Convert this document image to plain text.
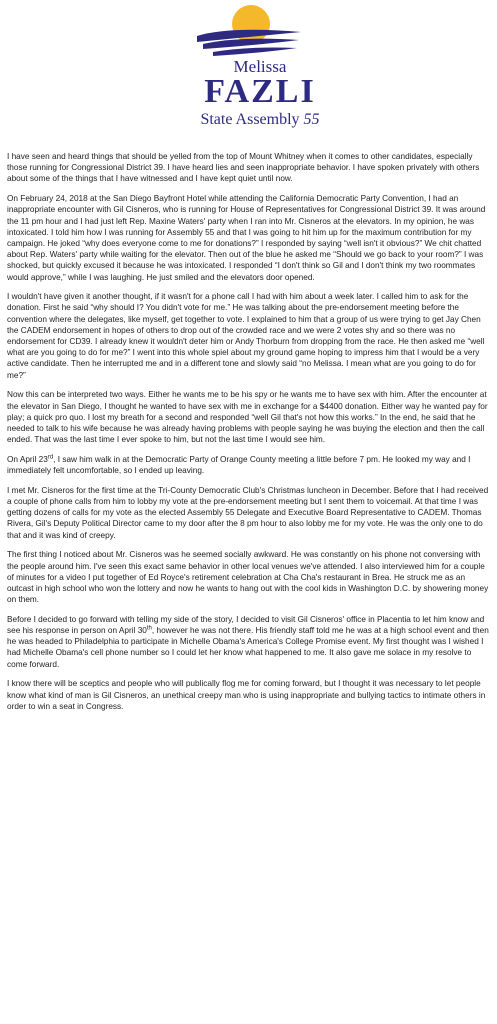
Melissa
FAZLI
State Assembly 55

I have seen and heard things that should be yelled from the top of Mount Whitney when it comes to other candidates, especially those running for Congressional District 39. I have heard lies and seen inappropriate behavior. I have spoken privately with others about some of the things that I have witnessed and I have kept quiet until now.

On February 24, 2018 at the San Diego Bayfront Hotel while attending the California Democratic Party Convention, I had an inappropriate encounter with Gil Cisneros, who is running for House of Representatives for Congressional District 39. It was around the 11 pm hour and I had just left Rep. Maxine Waters' party when I ran into Mr. Cisneros at the elevators. In my opinion, he was intoxicated. I told him how I was running for Assembly 55 and that I was going to hit him up for the maximum contribution for my campaign. He joked “why does everyone come to me for donations?” I responded by saying “well isn't it obvious?” We chit chatted about Rep. Waters' party while waiting for the elevator. Then out of the blue he asked me “Should we go back to your room?” I was shocked, but quickly excused it because he was intoxicated. I responded “I don't think so Gil and I don't think my two roommates would approve,” while I was laughing. He just smiled and the elevators door opened.

I wouldn't have given it another thought, if it wasn't for a phone call I had with him about a week later. I called him to ask for the donation. First he said “why should I? You didn't vote for me.” He was talking about the pre-endorsement meeting before the convention where the delegates, like myself, get together to vote. I explained to him that a group of us were trying to get Jay Chen the CADEM endorsement in hopes of others to drop out of the crowded race and we were 2 votes shy and so there was no endorsement for CD39. I already knew it wouldn't deter him or Andy Thorburn from dropping from the race. He then asked me “well what are you going to do for me?” I went into this whole spiel about my ground game hoping to impress him that I would be a very active candidate. Then he interrupted me and in a different tone and slowly said “no Melissa. I mean what are you going to do for me?”

Now this can be interpreted two ways. Either he wants me to be his spy or he wants me to have sex with him. After the encounter at the elevator in San Diego, I thought he wanted to have sex with me in exchange for a $4400 donation. Either way he wanted pay for play; a quick pro quo. I lost my breath for a second and responded “well Gil that's not how this works.” In the end, he said that he needed to talk to his wife because he was already having problems with people saying he was buying the election and then the call ended. That was the last time I ever spoke to him, but not the last time I would see him.

On April 23rd, I saw him walk in at the Democratic Party of Orange County meeting a little before 7 pm. He looked my way and I immediately felt uncomfortable, so I ended up leaving.

I met Mr. Cisneros for the first time at the Tri-County Democratic Club's Christmas luncheon in December. Before that I had received a couple of phone calls from him to lobby my vote at the pre-endorsement meeting but I sent them to voicemail. At that time I was getting dozens of calls for my vote as the elected Assembly 55 Delegate and Executive Board Representative to CADEM. Thomas Rivera, Gil's Deputy Political Director came to my door after the 8 pm hour to also lobby me for my vote. He was the only one to do that and it was kind of creepy.

The first thing I noticed about Mr. Cisneros was he seemed socially awkward. He was constantly on his phone not conversing with the people around him. I've seen this exact same behavior in other local venues we've attended. I also interviewed him for a couple of minutes for a video I put together of Ed Royce's retirement celebration at Cha Cha's restaurant in Brea. He struck me as an outcast in high school who won the lottery and now he wants to hang out with the cool kids in Washington D.C. by showering money on them.

Before I decided to go forward with telling my side of the story, I decided to visit Gil Cisneros' office in Placentia to let him know and see his response in person on April 30th, however he was not there. His friendly staff told me he was at a high school event and then he was headed to Philadelphia to participate in Michelle Obama's America's College Promise event. My first thought was I wished I had Michelle Obama's cell phone number so I could let her know what happened to me. It also gave me solace in my resolve to come forward.

I know there will be sceptics and people who will publically flog me for coming forward, but I thought it was necessary to let people know what kind of man is Gil Cisneros, an unethical creepy man who is using inappropriate and bullying tactics to intimate others in order to win a seat in Congress.
